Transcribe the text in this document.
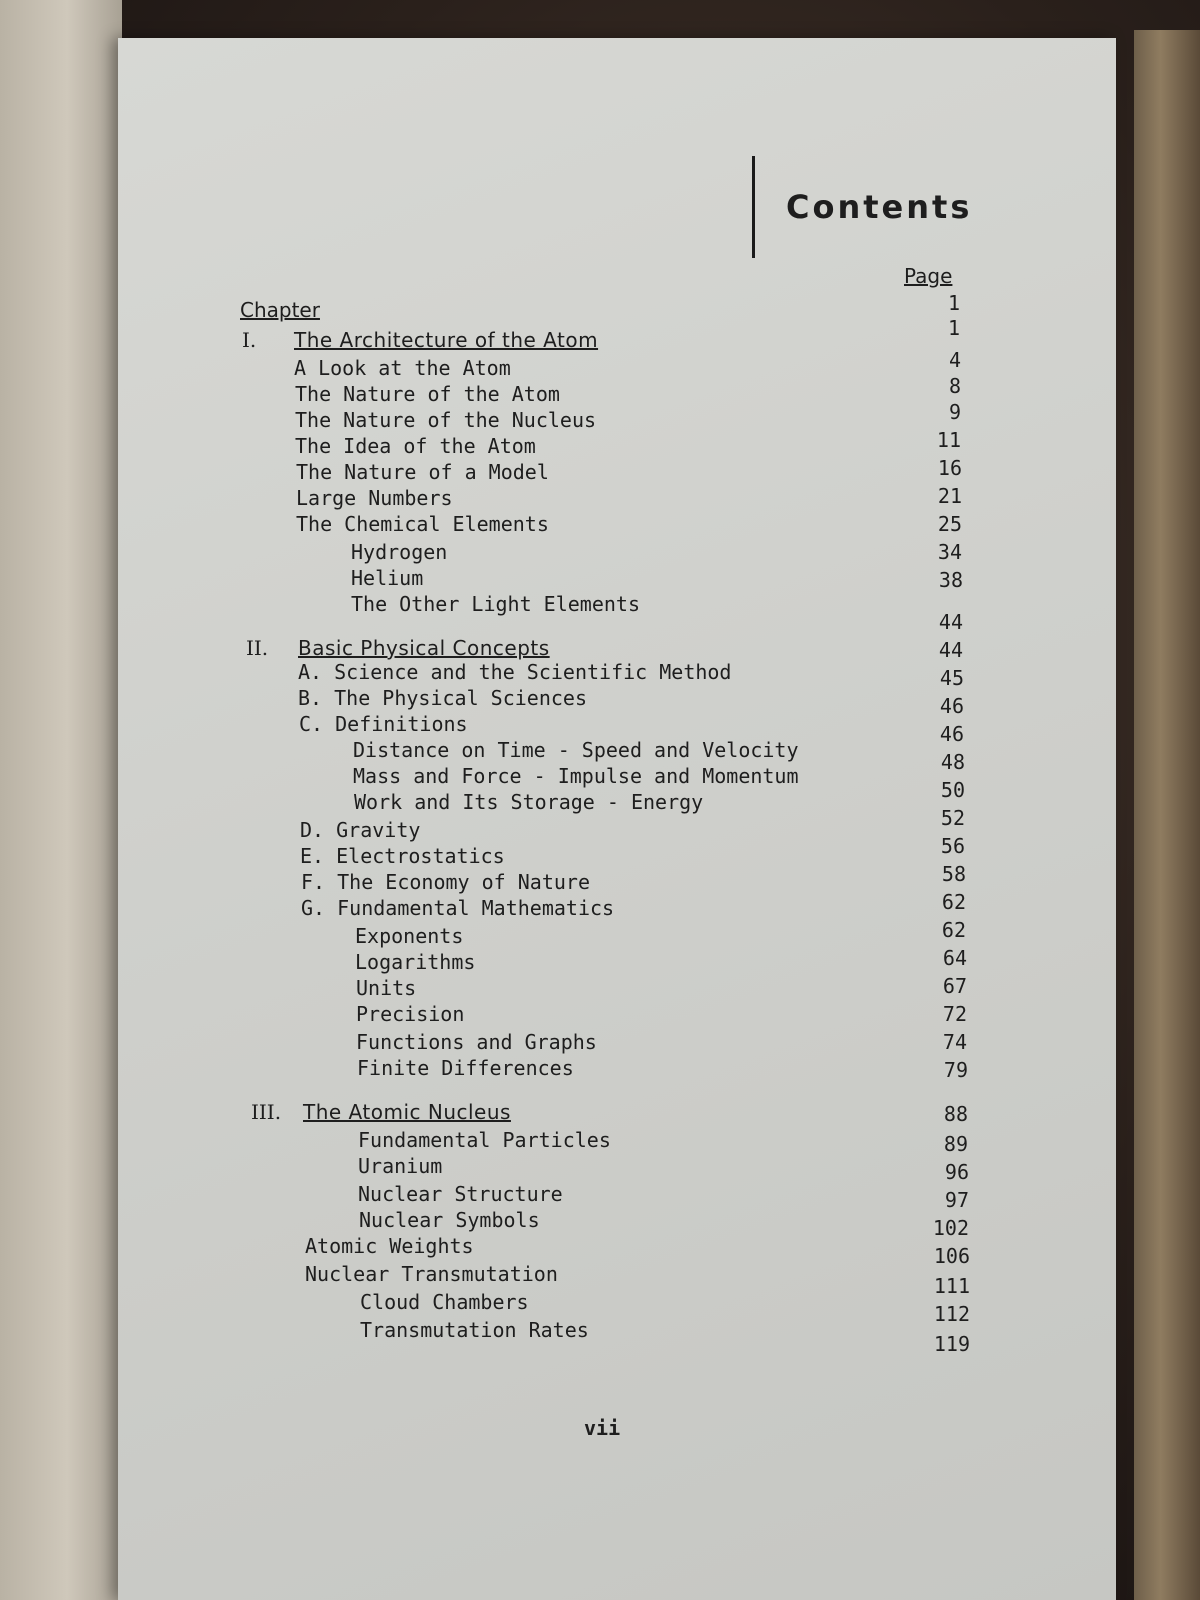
Contents
Page
Chapter
I. The Architecture of the Atom
A Look at the Atom
The Nature of the Atom
The Nature of the Nucleus
The Idea of the Atom
The Nature of a Model
Large Numbers
The Chemical Elements
Hydrogen
Helium
The Other Light Elements
II. Basic Physical Concepts
A. Science and the Scientific Method
B. The Physical Sciences
C. Definitions
Distance on Time - Speed and Velocity
Mass and Force - Impulse and Momentum
Work and Its Storage - Energy
D. Gravity
E. Electrostatics
F. The Economy of Nature
G. Fundamental Mathematics
Exponents
Logarithms
Units
Precision
Functions and Graphs
Finite Differences
III. The Atomic Nucleus
Fundamental Particles
Uranium
Nuclear Structure
Nuclear Symbols
Atomic Weights
Nuclear Transmutation
Cloud Chambers
Transmutation Rates
1
1
4
8
9
11
16
21
25
34
38
44
44
45
46
46
48
50
52
56
58
62
62
64
67
72
74
79
88
89
96
97
102
106
111
112
119
vii
